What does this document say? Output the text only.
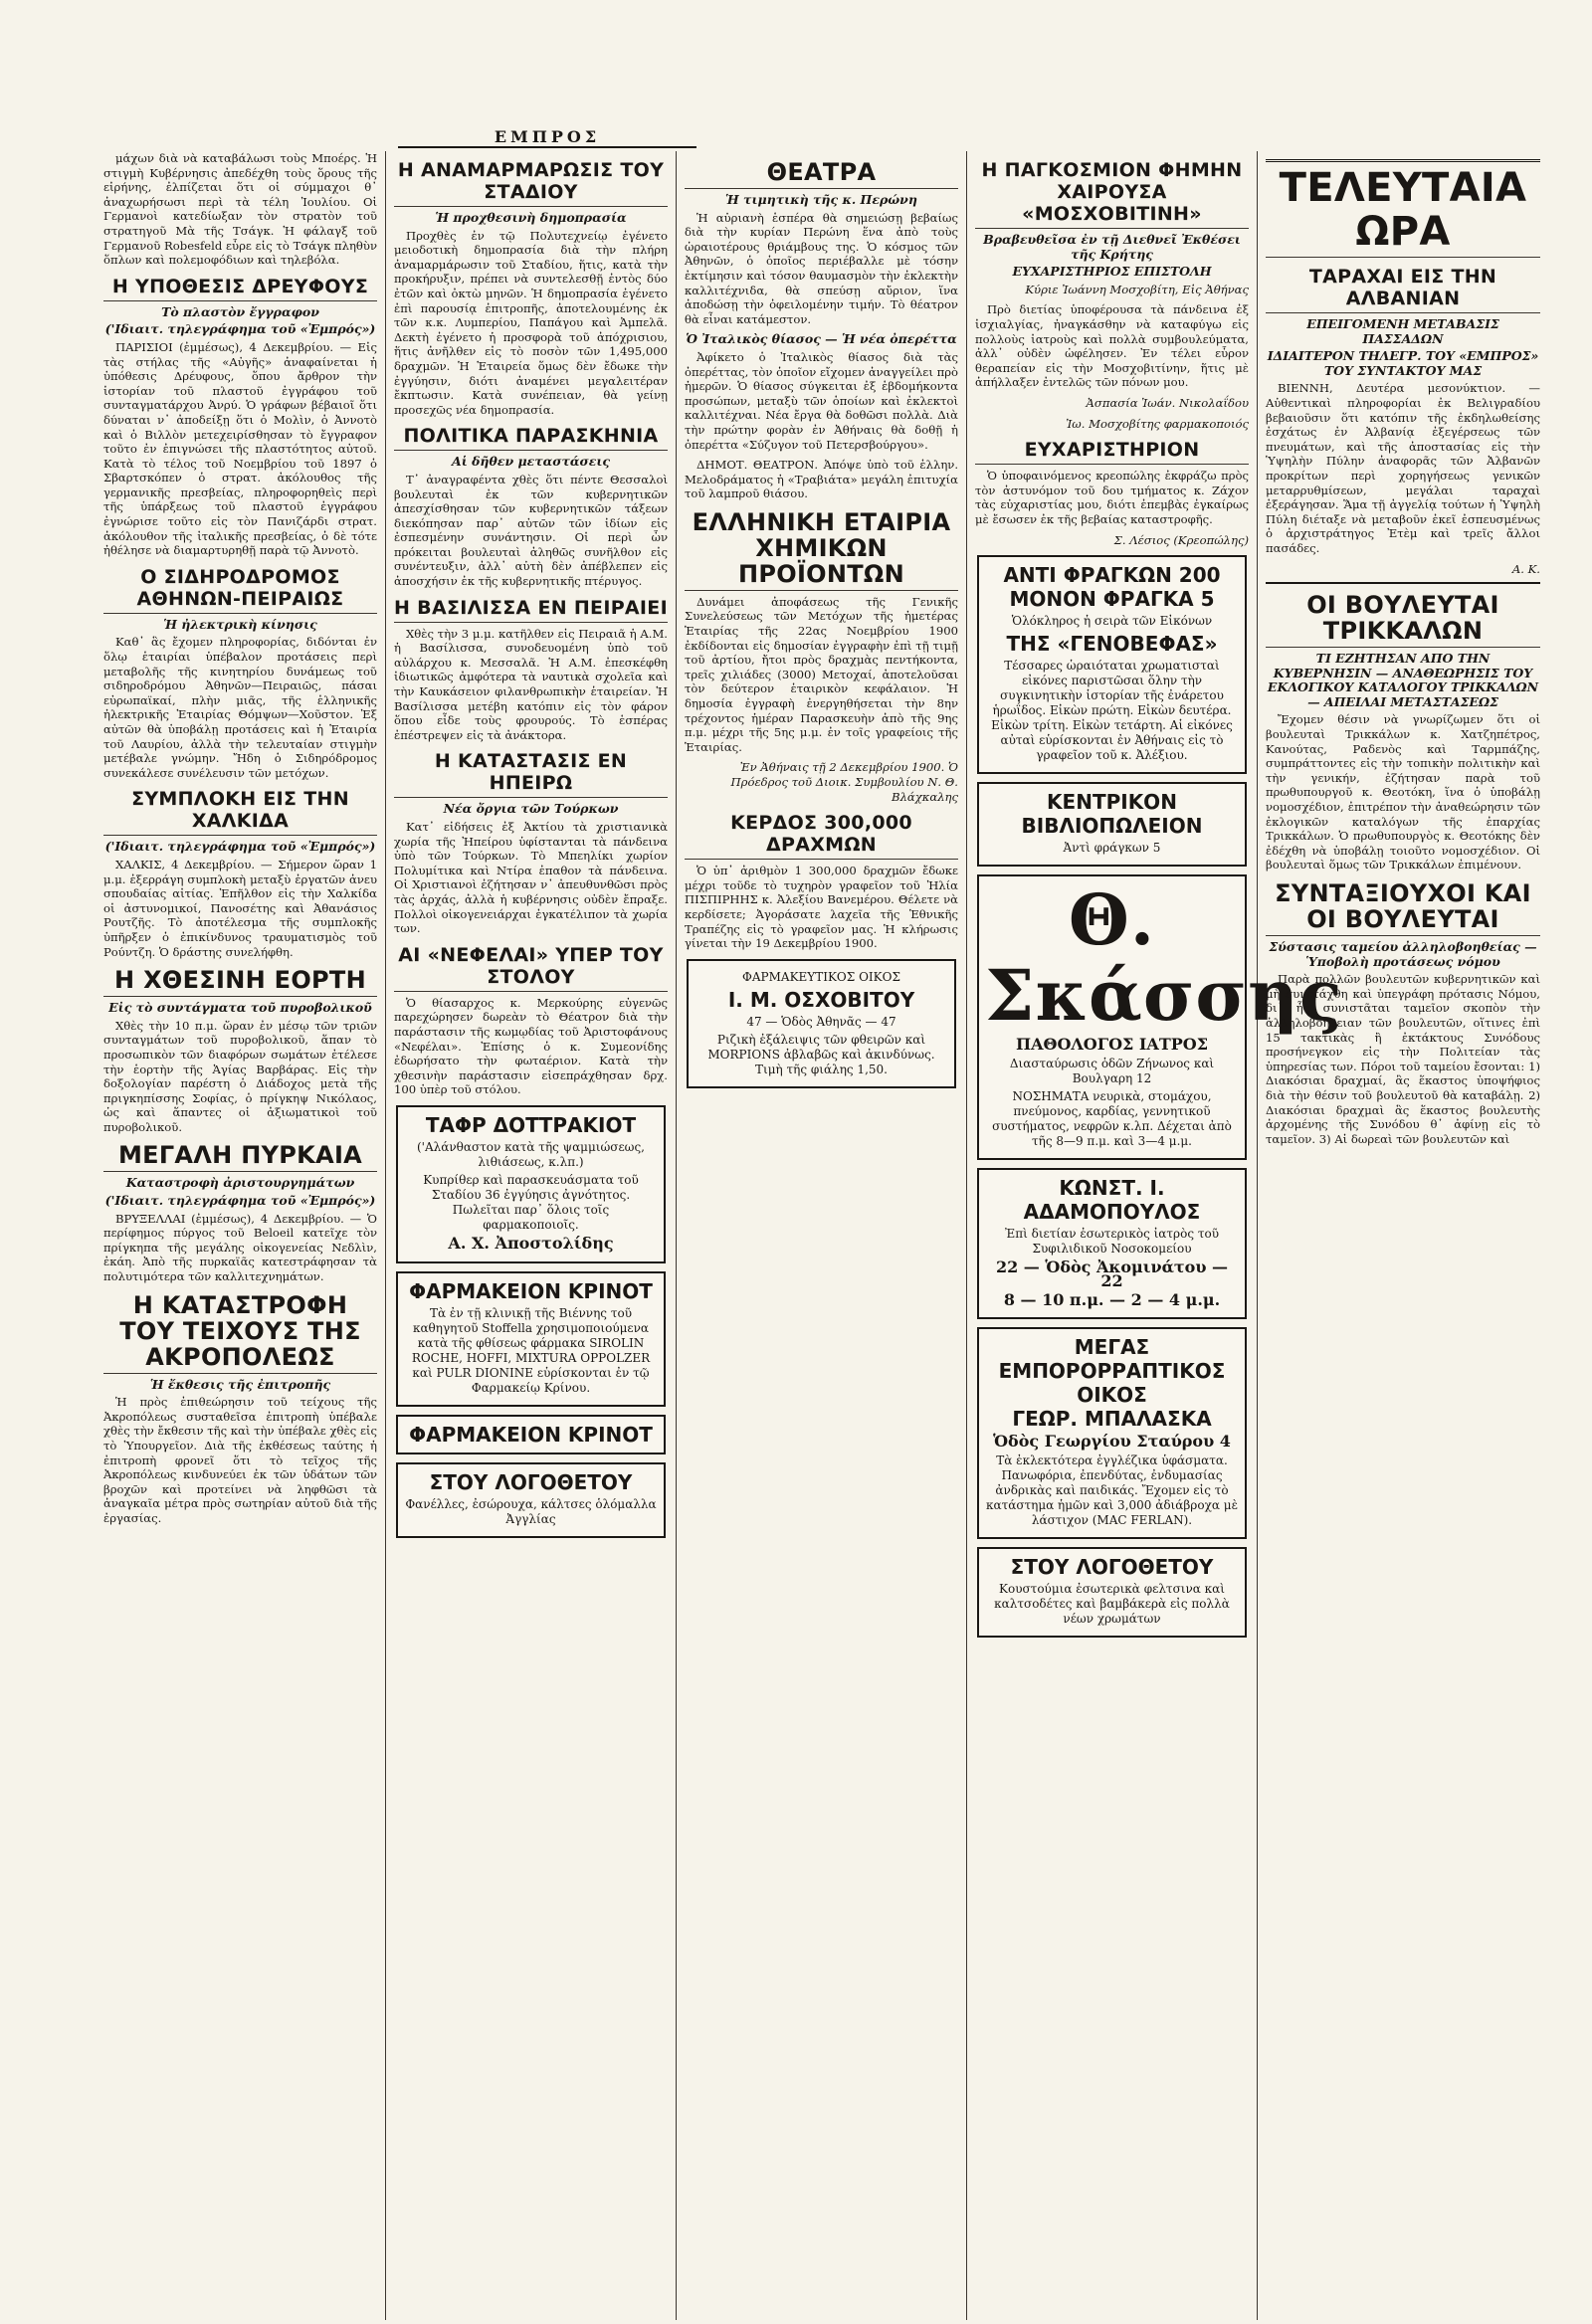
ΕΜΠΡΟΣ

μάχων διὰ νὰ καταβάλωσι τοὺς Μποέρς. Ἡ στιγμὴ Κυβέρνησις ἀπεδέχθη τοὺς ὅρους τῆς εἰρήνης, ἐλπίζεται ὅτι οἱ σύμμαχοι θ᾽ ἀναχωρήσωσι περὶ τὰ τέλη Ἰουλίου. Οἱ Γερμανοὶ κατεδίωξαν τὸν στρατὸν τοῦ στρατηγοῦ Μὰ τῆς Τσάγκ. Ἡ φάλαγξ τοῦ Γερμανοῦ Robesfeld εὗρε εἰς τὸ Τσάγκ πληθὺν ὅπλων καὶ πολεμοφόδιων καὶ τηλεβόλα.

Η ΥΠΟΘΕΣΙΣ ΔΡΕΥΦΟΥΣ
Τὸ πλαστὸν ἔγγραφον
('Ιδιαιτ. τηλεγράφημα τοῦ «Ἐμπρός»)

ΠΑΡΙΣΙΟΙ (ἐμμέσως), 4 Δεκεμβρίου. — Εἰς τὰς στήλας τῆς «Αὐγῆς» ἀναφαίνεται ἡ ὑπόθεσις Δρέυφους, ὅπου ἄρθρον τὴν ἱστορίαν τοῦ πλαστοῦ ἐγγράφου τοῦ συνταγματάρχου Ἀνρύ. Ὁ γράφων βέβαιοῖ ὅτι δύναται ν᾽ ἀποδείξῃ ὅτι ὁ Μολὶν, ὁ Ἀννοτὸ καὶ ὁ Βιλλὸν μετεχειρίσθησαν τὸ ἔγγραφον τοῦτο ἐν ἐπιγνώσει τῆς πλαστότητος αὐτοῦ. Κατὰ τὸ τέλος τοῦ Νοεμβρίου τοῦ 1897 ὁ Σβαρτσκόπεν ὁ στρατ. ἀκόλουθος τῆς γερμανικῆς πρεσβείας, πληροφορηθεὶς περὶ τῆς ὑπάρξεως τοῦ πλαστοῦ ἐγγράφου ἐγνώρισε τοῦτο εἰς τὸν Πανιζάρδι στρατ. ἀκόλουθον τῆς ἰταλικῆς πρεσβείας, ὁ δὲ τότε ἠθέλησε νὰ διαμαρτυρηθῇ παρὰ τῷ Ἀννοτὸ.

Ο ΣΙΔΗΡΟΔΡΟΜΟΣ ΑΘΗΝΩΝ-ΠΕΙΡΑΙΩΣ
Ἡ ἠλεκτρικὴ κίνησις

Καθ᾽ ἃς ἔχομεν πληροφορίας, διδόνται ἐν ὅλῳ ἑταιρίαι ὑπέβαλον προτάσεις περὶ μεταβολῆς τῆς κινητηρίου δυνάμεως τοῦ σιδηροδρόμου Ἀθηνῶν—Πειραιῶς, πάσαι εὐρωπαϊκαί, πλὴν μιᾶς, τῆς ἑλληνικῆς ἠλεκτρικῆς Ἑταιρίας Θόμψων—Χοῦστον. Ἐξ αὐτῶν θὰ ὑποβάλῃ προτάσεις καὶ ἡ Ἑταιρία τοῦ Λαυρίου, ἀλλὰ τὴν τελευταίαν στιγμὴν μετέβαλε γνώμην. Ἤδη ὁ Σιδηρόδρομος συνεκάλεσε συνέλευσιν τῶν μετόχων.

ΣΥΜΠΛΟΚΗ ΕΙΣ ΤΗΝ ΧΑΛΚΙΔΑ
('Ιδιαιτ. τηλεγράφημα τοῦ «Ἐμπρός»)

ΧΑΛΚΙΣ, 4 Δεκεμβρίου. — Σήμερον ὥραν 1 μ.μ. ἐξερράγη συμπλοκὴ μεταξὺ ἐργατῶν ἀνευ σπουδαίας αἰτίας. Ἐπῆλθον εἰς τὴν Χαλκίδα οἱ ἀστυνομικοί, Πανοσέτης καὶ Ἀθανάσιος Ρουτζῆς. Τὸ ἀποτέλεσμα τῆς συμπλοκῆς ὑπῆρξεν ὁ ἐπικίνδυνος τραυματισμὸς τοῦ Ρούντζη. Ὁ δράστης συνελήφθη.

Η ΧΘΕΣΙΝΗ ΕΟΡΤΗ
Εἰς τὸ συντάγματα τοῦ πυροβολικοῦ

Χθὲς τὴν 10 π.μ. ὥραν ἐν μέσῳ τῶν τριῶν συνταγμάτων τοῦ πυροβολικοῦ, ἅπαν τὸ προσωπικὸν τῶν διαφόρων σωμάτων ἐτέλεσε τὴν ἑορτὴν τῆς Ἁγίας Βαρβάρας. Εἰς τὴν δοξολογίαν παρέστη ὁ Διάδοχος μετὰ τῆς πριγκηπίσσης Σοφίας, ὁ πρίγκηψ Νικόλαος, ὡς καὶ ἅπαντες οἱ ἀξιωματικοὶ τοῦ πυροβολικοῦ.

ΜΕΓΑΛΗ ΠΥΡΚΑΙΑ
Καταστροφὴ ἀριστουργημάτων
('Ιδιαιτ. τηλεγράφημα τοῦ «Ἐμπρός»)

ΒΡΥΞΕΛΛΑΙ (ἐμμέσως), 4 Δεκεμβρίου. — Ὁ περίφημος πύργος τοῦ Beloeil κατεῖχε τὸν πρίγκηπα τῆς μεγάλης οἰκογενείας Νεδλὶν, ἐκάη. Ἀπὸ τῆς πυρκαϊᾶς κατεστράφησαν τὰ πολυτιμότερα τῶν καλλιτεχνημάτων.

Η ΚΑΤΑΣΤΡΟΦΗ ΤΟΥ ΤΕΙΧΟΥΣ ΤΗΣ ΑΚΡΟΠΟΛΕΩΣ
Ἡ ἔκθεσις τῆς ἐπιτροπῆς

Ἡ πρὸς ἐπιθεώρησιν τοῦ τείχους τῆς Ἀκροπόλεως συσταθεῖσα ἐπιτροπὴ ὑπέβαλε χθὲς τὴν ἔκθεσιν τῆς καὶ τὴν ὑπέβαλε χθὲς εἰς τὸ Ὑπουργεῖον. Διὰ τῆς ἐκθέσεως ταύτης ἡ ἐπιτροπὴ φρονεῖ ὅτι τὸ τεῖχος τῆς Ἀκροπόλεως κινδυνεύει ἐκ τῶν ὑδάτων τῶν βροχῶν καὶ προτείνει νὰ ληφθῶσι τὰ ἀναγκαῖα μέτρα πρὸς σωτηρίαν αὐτοῦ διὰ τῆς ἐργασίας.

Η ΑΝΑΜΑΡΜΑΡΩΣΙΣ ΤΟΥ ΣΤΑΔΙΟΥ
Ἡ προχθεσινὴ δημοπρασία

Προχθὲς ἐν τῷ Πολυτεχνείῳ ἐγένετο μειοδοτικὴ δημοπρασία διὰ τὴν πλήρη ἀναμαρμάρωσιν τοῦ Σταδίου, ἥτις, κατὰ τὴν προκήρυξιν, πρέπει νὰ συντελεσθῇ ἐντὸς δύο ἐτῶν καὶ ὀκτὼ μηνῶν. Ἡ δημοπρασία ἐγένετο ἐπὶ παρουσίᾳ ἐπιτροπῆς, ἀποτελουμένης ἐκ τῶν κ.κ. Λυμπερίου, Παπάγου καὶ Ἀμπελᾶ. Δεκτὴ ἐγένετο ἡ προσφορὰ τοῦ ἀπόχρισιου, ἥτις ἀνῆλθεν εἰς τὸ ποσὸν τῶν 1,495,000 δραχμῶν. Ἡ Ἑταιρεία ὅμως δὲν ἔδωκε τὴν ἐγγύησιν, διότι ἀναμένει μεγαλειτέραν ἔκπτωσιν. Κατὰ συνέπειαν, θὰ γείνῃ προσεχῶς νέα δημοπρασία.

ΠΟΛΙΤΙΚΑ ΠΑΡΑΣΚΗΝΙΑ
Αἱ δῆθεν μεταστάσεις

Τ᾽ ἀναγραφέντα χθὲς ὅτι πέντε Θεσσαλοὶ βουλευταὶ ἐκ τῶν κυβερνητικῶν ἀπεσχίσθησαν τῶν κυβερνητικῶν τάξεων διεκόπησαν παρ᾽ αὐτῶν τῶν ἰδίων εἰς ἐσπεσμένην συνάντησιν. Οἱ περὶ ὧν πρόκειται βουλευταὶ ἀληθῶς συνῆλθον εἰς συνέντευξιν, ἀλλ᾽ αὐτὴ δὲν ἀπέβλεπεν εἰς ἀποσχήσιν ἐκ τῆς κυβερνητικῆς πτέρυγος.

Η ΒΑΣΙΛΙΣΣΑ ΕΝ ΠΕΙΡΑΙΕΙ

Χθὲς τὴν 3 μ.μ. κατῆλθεν εἰς Πειραιᾶ ἡ Α.Μ. ἡ Βασίλισσα, συνοδευομένη ὑπὸ τοῦ αὐλάρχου κ. Μεσσαλᾶ. Ἡ Α.Μ. ἐπεσκέφθη ἰδιωτικῶς ἀμφότερα τὰ ναυτικὰ σχολεῖα καὶ τὴν Καυκάσειον φιλανθρωπικὴν ἑταιρείαν. Ἡ Βασίλισσα μετέβη κατόπιν εἰς τὸν φάρον ὅπου εἶδε τοὺς φρουρούς. Τὸ ἑσπέρας ἐπέστρεψεν εἰς τὰ ἀνάκτορα.

Η ΚΑΤΑΣΤΑΣΙΣ ΕΝ ΗΠΕΙΡΩ
Νέα ὄργια τῶν Τούρκων

Κατ᾽ εἰδήσεις ἐξ Ἀκτίου τὰ χριστιανικὰ χωρία τῆς Ἠπείρου ὑφίστανται τὰ πάνδεινα ὑπὸ τῶν Τούρκων. Τὸ Μπεηλίκι χωρίον Πολυμίτικα καὶ Ντίρα ἐπαθον τὰ πάνδεινα. Οἱ Χριστιανοὶ ἐζήτησαν ν᾽ ἀπευθυνθῶσι πρὸς τὰς ἀρχάς, ἀλλὰ ἡ κυβέρνησις οὐδὲν ἔπραξε. Πολλοὶ οἰκογενειάρχαι ἐγκατέλιπον τὰ χωρία των.

ΑΙ «ΝΕΦΕΛΑΙ» ΥΠΕΡ ΤΟΥ ΣΤΟΛΟΥ

Ὁ θίασαρχος κ. Μερκούρης εὐγενῶς παρεχώρησεν δωρεὰν τὸ Θέατρον διὰ τὴν παράστασιν τῆς κωμῳδίας τοῦ Ἀριστοφάνους «Νεφέλαι». Ἐπίσης ὁ κ. Συμεονίδης ἐδωρήσατο τὴν φωταέριον. Κατὰ τὴν χθεσινὴν παράστασιν εἰσεπράχθησαν δρχ. 100 ὑπὲρ τοῦ στόλου.

ΤΑΦΡ ΔΟΤΤΡΑΚΙΟΤ
('Αλάνθαστον κατὰ τῆς ψαμμιώσεως, λιθιάσεως, κ.λπ.)
Κυπρίθερ καὶ παρασκευάσματα τοῦ Σταδίου 36 ἐγγύησις ἀγνότητος. Πωλεῖται παρ᾽ ὅλοις τοῖς φαρμακοποιοῖς.
Α. Χ. Ἀποστολίδης
ΦΑΡΜΑΚΕΙΟΝ ΚΡΙΝΟΤ
Τὰ ἐν τῇ κλινικῇ τῆς Βιέννης τοῦ καθηγητοῦ Stoffella χρησιμοποιούμενα κατὰ τῆς φθίσεως φάρμακα SIROLIN ROCHE, HOFFI, MIXTURA OPPOLZER καὶ PULR DIONINE εὑρίσκονται ἐν τῷ Φαρμακείῳ Κρίνου.
ΦΑΡΜΑΚΕΙΟΝ ΚΡΙΝΟΤ
ΣΤΟΥ ΛΟΓΟΘΕΤΟΥ
Φανέλλες, ἐσώρουχα, κάλτσες ὁλόμαλλα Ἀγγλίας
ΘΕΑΤΡΑ
Ἡ τιμητικὴ τῆς κ. Περώνη

Ἡ αὐριανὴ ἑσπέρα θὰ σημειώσῃ βεβαίως διὰ τὴν κυρίαν Περώνη ἕνα ἀπὸ τοὺς ὡραιοτέρους θριάμβους της. Ὁ κόσμος τῶν Ἀθηνῶν, ὁ ὁποῖος περιέβαλλε μὲ τόσην ἐκτίμησιν καὶ τόσον θαυμασμὸν τὴν ἐκλεκτὴν καλλιτέχνιδα, θὰ σπεύσῃ αὔριον, ἵνα ἀποδώσῃ τὴν ὀφειλομένην τιμήν. Τὸ θέατρον θὰ εἶναι κατάμεστον.

Ὁ Ἰταλικὸς θίασος — Ἡ νέα ὀπερέττα

Ἀφίκετο ὁ Ἰταλικὸς θίασος διὰ τὰς ὀπερέττας, τὸν ὁποῖον εἴχομεν ἀναγγείλει πρὸ ἡμερῶν. Ὁ θίασος σύγκειται ἐξ ἑβδομήκοντα προσώπων, μεταξὺ τῶν ὁποίων καὶ ἐκλεκτοὶ καλλιτέχναι. Νέα ἔργα θὰ δοθῶσι πολλὰ. Διὰ τὴν πρώτην φορὰν ἐν Ἀθήναις θὰ δοθῇ ἡ ὀπερέττα «Σύζυγον τοῦ Πετερσβούργου».

ΔΗΜΟΤ. ΘΕΑΤΡΟΝ. Ἀπόψε ὑπὸ τοῦ ἑλλην. Μελοδράματος ἡ «Τραβιάτα» μεγάλη ἐπιτυχία τοῦ λαμπροῦ θιάσου.

ΕΛΛΗΝΙΚΗ ΕΤΑΙΡΙΑ ΧΗΜΙΚΩΝ ΠΡΟΪΟΝΤΩΝ

Δυνάμει ἀποφάσεως τῆς Γενικῆς Συνελεύσεως τῶν Μετόχων τῆς ἡμετέρας Ἑταιρίας τῆς 22ας Νοεμβρίου 1900 ἐκδίδονται εἰς δημοσίαν ἐγγραφὴν ἐπὶ τῇ τιμῇ τοῦ ἀρτίου, ἤτοι πρὸς δραχμὰς πεντήκοντα, τρεῖς χιλιάδες (3000) Μετοχαί, ἀποτελοῦσαι τὸν δεύτερον ἑταιρικὸν κεφάλαιον. Ἡ δημοσία ἐγγραφὴ ἐνεργηθήσεται τὴν 8ην τρέχοντος ἡμέραν Παρασκευὴν ἀπὸ τῆς 9ης π.μ. μέχρι τῆς 5ης μ.μ. ἐν τοῖς γραφείοις τῆς Ἑταιρίας.

Ἐν Ἀθήναις τῇ 2 Δεκεμβρίου 1900. Ὁ Πρόεδρος τοῦ Διοικ. Συμβουλίου Ν. Θ. Βλάχκαλης

ΚΕΡΔΟΣ 300,000 ΔΡΑΧΜΩΝ

Ὁ ὑπ᾽ ἀριθμὸν 1 300,000 δραχμῶν ἔδωκε μέχρι τοῦδε τὸ τυχηρὸν γραφεῖον τοῦ Ἠλία ΠΙΣΠΙΡΗΗΣ κ. Ἀλεξίου Βανεμέρου. Θέλετε νὰ κερδίσετε; Ἀγοράσατε λαχεῖα τῆς Ἑθνικῆς Τραπέζης εἰς τὸ γραφεῖον μας. Ἡ κλήρωσις γίνεται τὴν 19 Δεκεμβρίου 1900.

ΦΑΡΜΑΚΕΥΤΙΚΟΣ ΟΙΚΟΣ
Ι. Μ. ΟΣΧΟΒΙΤΟΥ
47 — Ὁδὸς Ἀθηνᾶς — 47
Ριζικὴ ἐξάλειψις τῶν φθειρῶν καὶ MORPIONS ἀβλαβῶς καὶ ἀκινδύνως. Τιμὴ τῆς φιάλης 1,50.
Η ΠΑΓΚΟΣΜΙΟΝ ΦΗΜΗΝ ΧΑΙΡΟΥΣΑ «ΜΟΣΧΟΒΙΤΙΝΗ»
Βραβευθεῖσα ἐν τῇ Διεθνεῖ Ἐκθέσει τῆς Κρήτης
ΕΥΧΑΡΙΣΤΗΡΙΟΣ ΕΠΙΣΤΟΛΗ

Κύριε Ἰωάννη Μοσχοβίτη, Εἰς Ἀθήνας

Πρὸ διετίας ὑποφέρουσα τὰ πάνδεινα ἐξ ἰσχιαλγίας, ἠναγκάσθην νὰ καταφύγω εἰς πολλοὺς ἰατροὺς καὶ πολλὰ συμβουλεύματα, ἀλλ᾽ οὐδὲν ὠφέλησεν. Ἐν τέλει εὗρον θεραπείαν εἰς τὴν Μοσχοβιτίνην, ἥτις μὲ ἀπήλλαξεν ἐντελῶς τῶν πόνων μου.

Ἀσπασία Ἰωάν. Νικολαΐδου

Ἰω. Μοσχοβίτης φαρμακοποιός

ΕΥΧΑΡΙΣΤΗΡΙΟΝ

Ὁ ὑποφαινόμενος κρεοπώλης ἐκφράζω πρὸς τὸν ἀστυνόμον τοῦ δου τμήματος κ. Ζάχον τὰς εὐχαριστίας μου, διότι ἐπεμβὰς ἐγκαίρως μὲ ἔσωσεν ἐκ τῆς βεβαίας καταστροφῆς.

Σ. Λέσιος (Κρεοπώλης)

ΑΝΤΙ ΦΡΑΓΚΩΝ 200
ΜΟΝΟΝ ΦΡΑΓΚΑ 5
Ὁλόκληρος ἡ σειρὰ τῶν Εἰκόνων
ΤΗΣ «ΓΕΝΟΒΕΦΑΣ»
Τέσσαρες ὡραιόταται χρωματισταὶ εἰκόνες παριστῶσαι ὅλην τὴν συγκινητικὴν ἱστορίαν τῆς ἐνάρετου ἡρωΐδος. Εἰκὼν πρώτη. Εἰκὼν δευτέρα. Εἰκὼν τρίτη. Εἰκὼν τετάρτη. Αἱ εἰκόνες αὐταὶ εὑρίσκονται ἐν Ἀθήναις εἰς τὸ γραφεῖον τοῦ κ. Ἀλέξιου.
ΚΕΝΤΡΙΚΟΝ ΒΙΒΛΙΟΠΩΛΕΙΟΝ
Ἀντὶ φράγκων 5
Θ. Σκάσσης
ΠΑΘΟΛΟΓΟΣ ΙΑΤΡΟΣ
Διασταύρωσις ὁδῶν Ζήνωνος καὶ Βουλγαρη 12
ΝΟΣΗΜΑΤΑ νευρικὰ, στομάχου, πνεύμονος, καρδίας, γεννητικοῦ συστήματος, νεφρῶν κ.λπ. Δέχεται ἀπὸ τῆς 8—9 π.μ. καὶ 3—4 μ.μ.
ΚΩΝΣΤ. Ι. ΑΔΑΜΟΠΟΥΛΟΣ
Ἐπὶ διετίαν ἐσωτερικὸς ἰατρὸς τοῦ Συφιλιδικοῦ Νοσοκομείου
22 — Ὁδὸς Ἀκομινάτου — 22
8 — 10 π.μ. — 2 — 4 μ.μ.
ΜΕΓΑΣ ΕΜΠΟΡΟΡΡΑΠΤΙΚΟΣ ΟΙΚΟΣ
ΓΕΩΡ. ΜΠΑΛΑΣΚΑ
Ὁδὸς Γεωργίου Σταύρου 4
Τὰ ἐκλεκτότερα ἐγγλέζικα ὑφάσματα. Πανωφόρια, ἐπενδύτας, ἐνδυμασίας ἀνδρικὰς καὶ παιδικάς. Ἔχομεν εἰς τὸ κατάστημα ἡμῶν καὶ 3,000 ἀδιάβροχα μὲ λάστιχον (MAC FERLAN).
ΣΤΟΥ ΛΟΓΟΘΕΤΟΥ
Κουστούμια ἐσωτερικὰ φελτσινα καὶ καλτσοδέτες καὶ βαμβάκερὰ εἰς πολλὰ νέων χρωμάτων
ΤΕΛΕΥΤΑΙΑ ΩΡΑ
ΤΑΡΑΧΑΙ ΕΙΣ ΤΗΝ ΑΛΒΑΝΙΑΝ
ΕΠΕΙΓΟΜΕΝΗ ΜΕΤΑΒΑΣΙΣ ΠΑΣΣΑΔΩΝ
ΙΔΙΑΙΤΕΡΟΝ ΤΗΛΕΓΡ. ΤΟΥ «ΕΜΠΡΟΣ» ΤΟΥ ΣΥΝΤΑΚΤΟΥ ΜΑΣ

ΒΙΕΝΝΗ, Δευτέρα μεσονύκτιον. — Αὐθεντικαὶ πληροφορίαι ἐκ Βελιγραδίου βεβαιοῦσιν ὅτι κατόπιν τῆς ἐκδηλωθείσης ἐσχάτως ἐν Ἀλβανίᾳ ἐξεγέρσεως τῶν πνευμάτων, καὶ τῆς ἀποστασίας εἰς τὴν Ὑψηλὴν Πύλην ἀναφορᾶς τῶν Ἀλβανῶν προκρίτων περὶ χορηγήσεως γενικῶν μεταρρυθμίσεων, μεγάλαι ταραχαὶ ἐξεράγησαν. Ἅμα τῇ ἀγγελίᾳ τούτων ἡ Ὑψηλὴ Πύλη διέταξε νὰ μεταβοῦν ἐκεῖ ἐσπευσμένως ὁ ἀρχιστράτηγος Ἐτὲμ καὶ τρεῖς ἄλλοι πασάδες.

Α. Κ.

ΟΙ ΒΟΥΛΕΥΤΑΙ ΤΡΙΚΚΑΛΩΝ
ΤΙ ΕΖΗΤΗΣΑΝ ΑΠΟ ΤΗΝ ΚΥΒΕΡΝΗΣΙΝ — ΑΝΑΘΕΩΡΗΣΙΣ ΤΟΥ ΕΚΛΟΓΙΚΟΥ ΚΑΤΑΛΟΓΟΥ ΤΡΙΚΚΑΛΩΝ — ΑΠΕΙΛΑΙ ΜΕΤΑΣΤΑΣΕΩΣ

Ἔχομεν θέσιν νὰ γνωρίζωμεν ὅτι οἱ βουλευταὶ Τρικκάλων κ. Χατζηπέτρος, Κανούτας, Ραδενὸς καὶ Ταρμπάζης, συμπράττοντες εἰς τὴν τοπικὴν πολιτικὴν καὶ τὴν γενικήν, ἐζήτησαν παρὰ τοῦ πρωθυπουργοῦ κ. Θεοτόκη, ἵνα ὁ ὑποβάλῃ νομοσχέδιον, ἐπιτρέπον τὴν ἀναθεώρησιν τῶν ἐκλογικῶν καταλόγων τῆς ἐπαρχίας Τρικκάλων. Ὁ πρωθυπουργὸς κ. Θεοτόκης δὲν ἐδέχθη νὰ ὑποβάλῃ τοιοῦτο νομοσχέδιον. Οἱ βουλευταὶ ὅμως τῶν Τρικκάλων ἐπιμένουν.

ΣΥΝΤΑΞΙΟΥΧΟΙ ΚΑΙ ΟΙ ΒΟΥΛΕΥΤΑΙ
Σύστασις ταμείου ἀλληλοβοηθείας — Ὑποβολὴ προτάσεως νόμου

Παρὰ πολλῶν βουλευτῶν κυβερνητικῶν καὶ μὴ συνετάχθη καὶ ὑπεγράφη πρότασις Νόμου, δι᾽ ἧς συνιστᾶται ταμεῖον σκοπὸν τὴν ἀλληλοβοήθειαν τῶν βουλευτῶν, οἵτινες ἐπὶ 15 τακτικὰς ἢ ἐκτάκτους Συνόδους προσήνεγκον εἰς τὴν Πολιτείαν τὰς ὑπηρεσίας των. Πόροι τοῦ ταμείου ἔσονται: 1) Διακόσιαι δραχμαί, ἃς ἕκαστος ὑποψήφιος διὰ τὴν θέσιν τοῦ βουλευτοῦ θὰ καταβάλῃ. 2) Διακόσιαι δραχμαὶ ἃς ἕκαστος βουλευτὴς ἀρχομένης τῆς Συνόδου θ᾽ ἀφίνῃ εἰς τὸ ταμεῖον. 3) Αἱ δωρεαὶ τῶν βουλευτῶν καὶ
